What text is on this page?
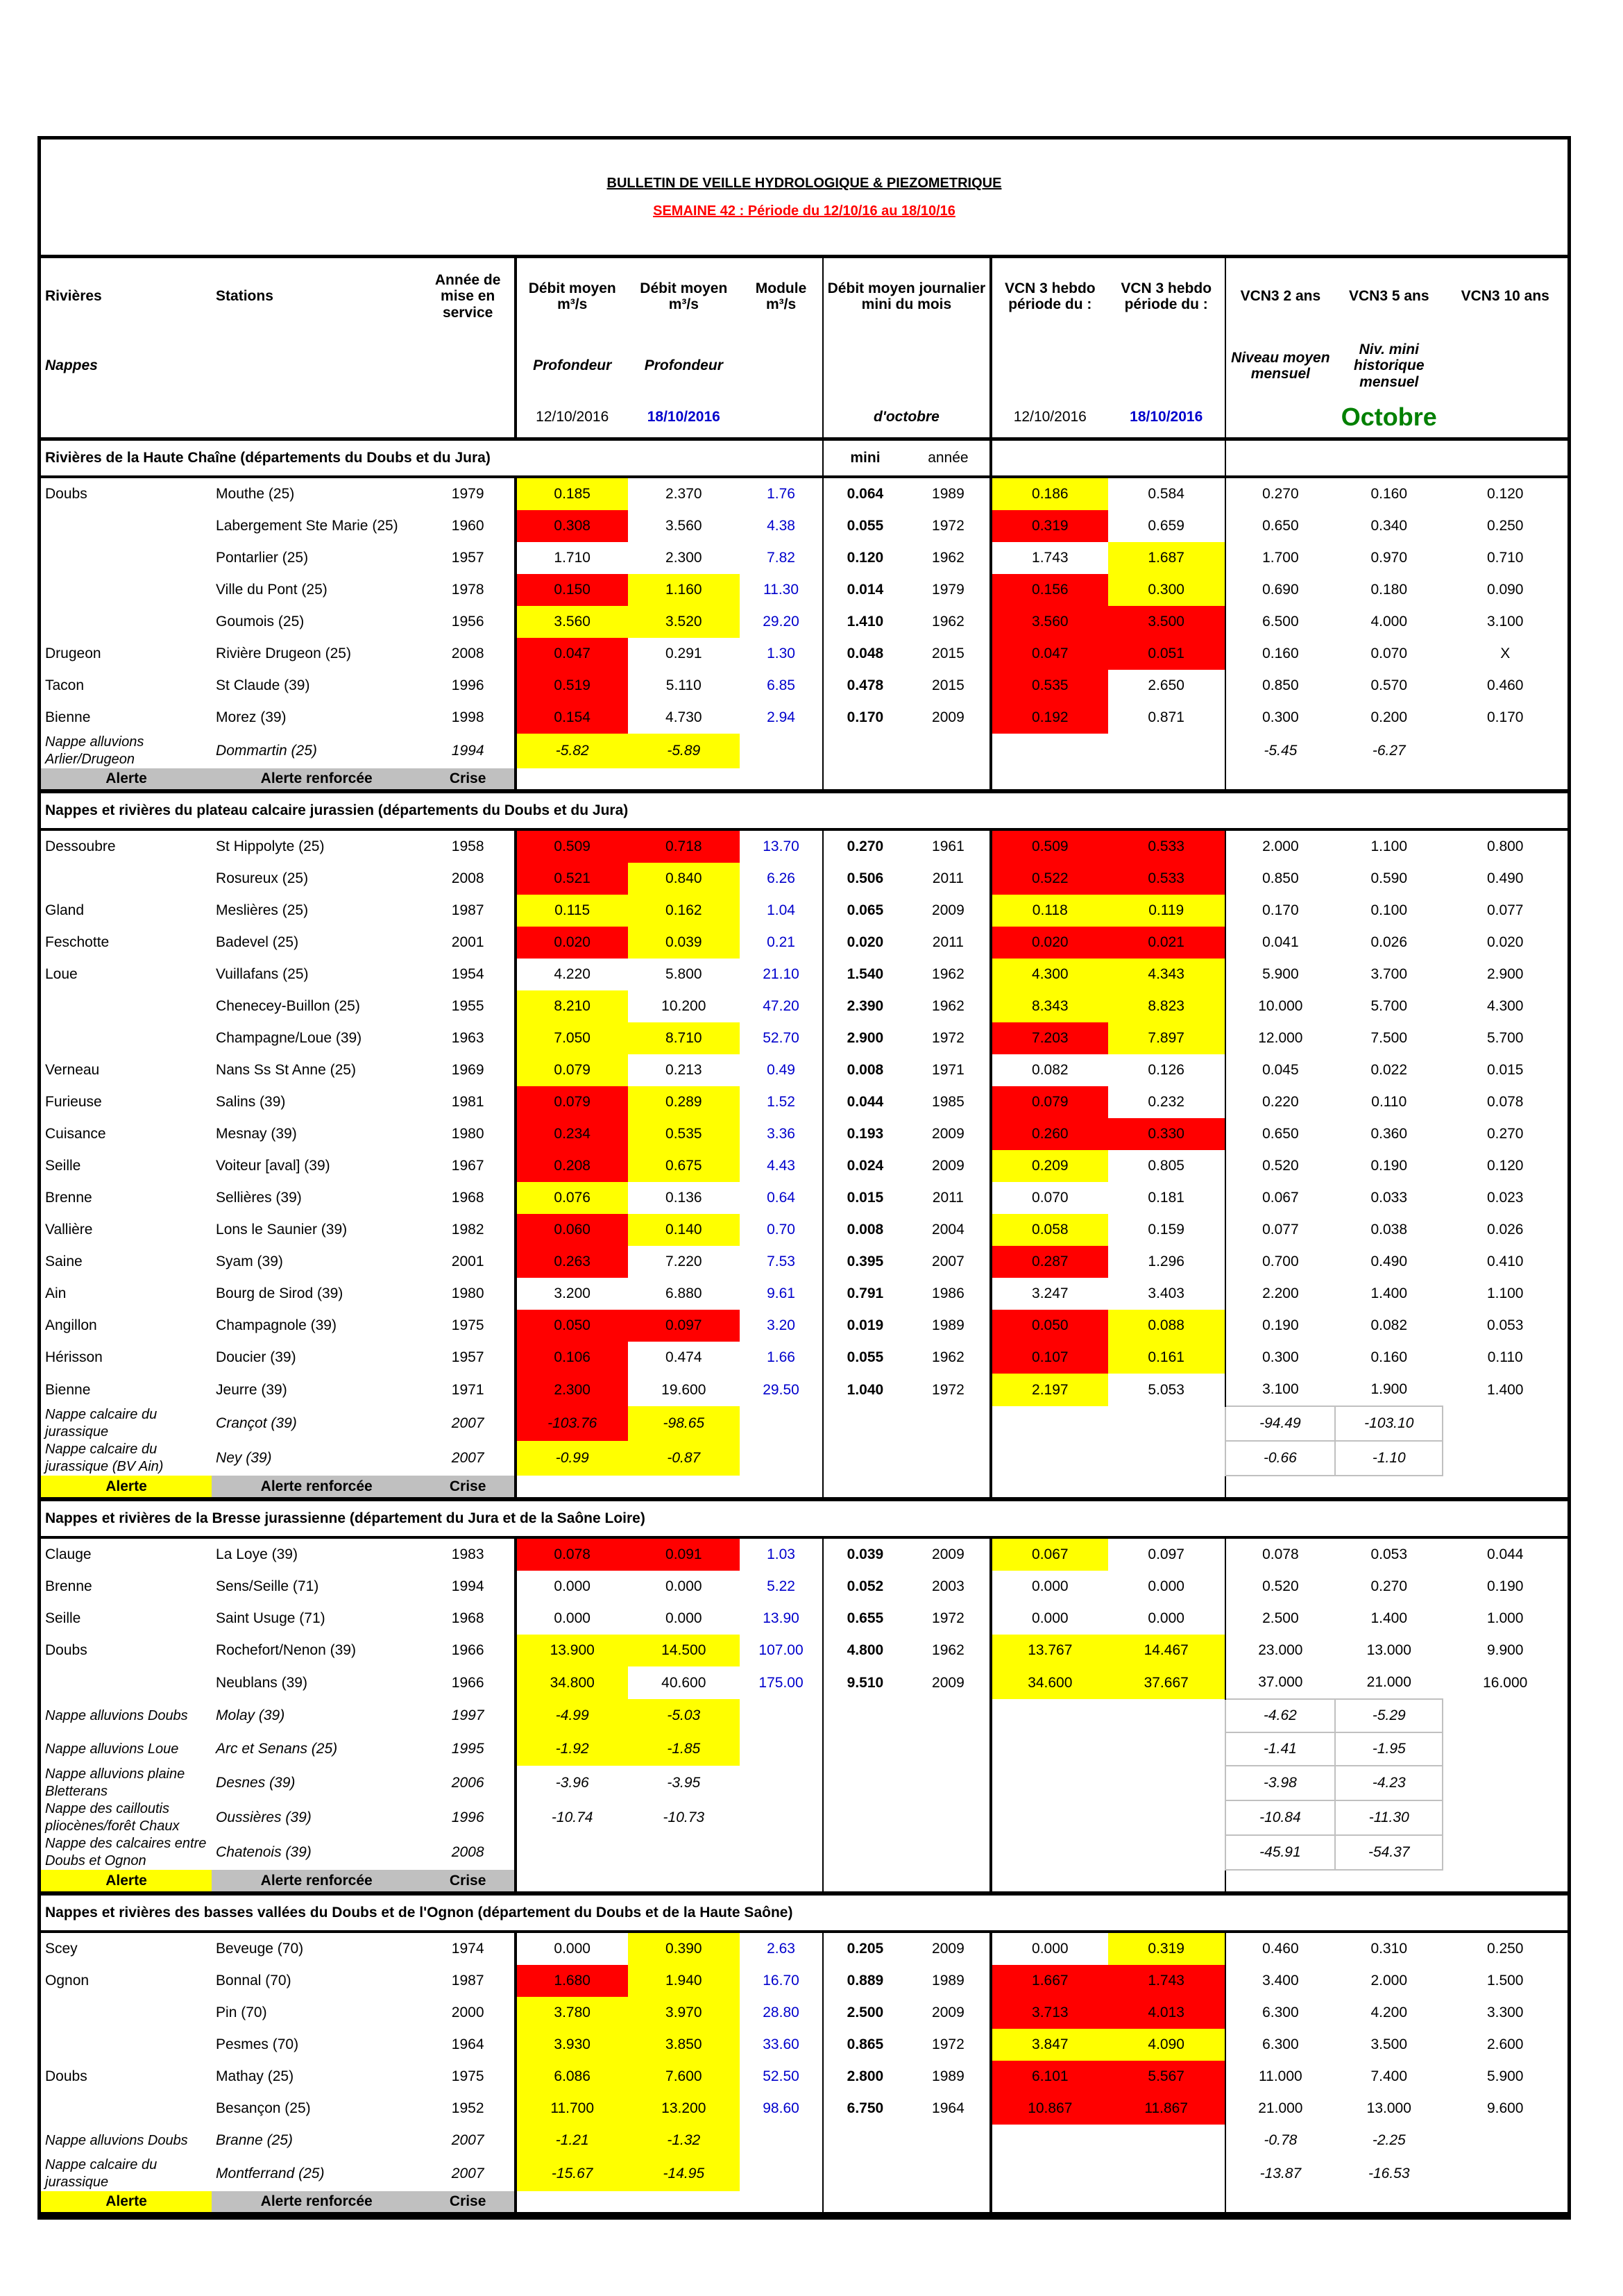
BULLETIN DE VEILLE HYDROLOGIQUE & PIEZOMETRIQUE
SEMAINE 42 : Période du 12/10/16 au 18/10/16												

Rivières	Stations	Année de mise en service	Débit moyen m³/s	Débit moyen m³/s	Module m³/s	Débit moyen journalier mini du mois		VCN 3 hebdo période du :	VCN 3 hebdo période du :	VCN3 2 ans	VCN3 5 ans	VCN3 10 ans
Nappes			Profondeur	Profondeur						Niveau moyen mensuel	Niv. mini historique mensuel	
			12/10/2016	18/10/2016		d'octobre		12/10/2016	18/10/2016		Octobre	
Rivières de la Haute Chaîne (départements du Doubs et du Jura)						mini	année					
Doubs	Mouthe (25)	1979	0.185	2.370	1.76	0.064	1989	0.186	0.584	0.270	0.160	0.120
	Labergement Ste Marie (25)	1960	0.308	3.560	4.38	0.055	1972	0.319	0.659	0.650	0.340	0.250
	Pontarlier (25)	1957	1.710	2.300	7.82	0.120	1962	1.743	1.687	1.700	0.970	0.710
	Ville du Pont (25)	1978	0.150	1.160	11.30	0.014	1979	0.156	0.300	0.690	0.180	0.090
	Goumois (25)	1956	3.560	3.520	29.20	1.410	1962	3.560	3.500	6.500	4.000	3.100
Drugeon	Rivière Drugeon (25)	2008	0.047	0.291	1.30	0.048	2015	0.047	0.051	0.160	0.070	X
Tacon	St Claude (39)	1996	0.519	5.110	6.85	0.478	2015	0.535	2.650	0.850	0.570	0.460
Bienne	Morez (39)	1998	0.154	4.730	2.94	0.170	2009	0.192	0.871	0.300	0.200	0.170
Nappe alluvions Arlier/Drugeon	Dommartin (25)	1994	-5.82	-5.89						-5.45	-6.27	
Alerte	Alerte renforcée	Crise										
Nappes et rivières du plateau calcaire jurassien (départements du Doubs et du Jura)												
Dessoubre	St Hippolyte (25)	1958	0.509	0.718	13.70	0.270	1961	0.509	0.533	2.000	1.100	0.800
	Rosureux (25)	2008	0.521	0.840	6.26	0.506	2011	0.522	0.533	0.850	0.590	0.490
Gland	Meslières (25)	1987	0.115	0.162	1.04	0.065	2009	0.118	0.119	0.170	0.100	0.077
Feschotte	Badevel (25)	2001	0.020	0.039	0.21	0.020	2011	0.020	0.021	0.041	0.026	0.020
Loue	Vuillafans (25)	1954	4.220	5.800	21.10	1.540	1962	4.300	4.343	5.900	3.700	2.900
	Chenecey-Buillon (25)	1955	8.210	10.200	47.20	2.390	1962	8.343	8.823	10.000	5.700	4.300
	Champagne/Loue (39)	1963	7.050	8.710	52.70	2.900	1972	7.203	7.897	12.000	7.500	5.700
Verneau	Nans Ss St Anne (25)	1969	0.079	0.213	0.49	0.008	1971	0.082	0.126	0.045	0.022	0.015
Furieuse	Salins (39)	1981	0.079	0.289	1.52	0.044	1985	0.079	0.232	0.220	0.110	0.078
Cuisance	Mesnay (39)	1980	0.234	0.535	3.36	0.193	2009	0.260	0.330	0.650	0.360	0.270
Seille	Voiteur [aval] (39)	1967	0.208	0.675	4.43	0.024	2009	0.209	0.805	0.520	0.190	0.120
Brenne	Sellières (39)	1968	0.076	0.136	0.64	0.015	2011	0.070	0.181	0.067	0.033	0.023
Vallière	Lons le Saunier (39)	1982	0.060	0.140	0.70	0.008	2004	0.058	0.159	0.077	0.038	0.026
Saine	Syam (39)	2001	0.263	7.220	7.53	0.395	2007	0.287	1.296	0.700	0.490	0.410
Ain	Bourg de Sirod (39)	1980	3.200	6.880	9.61	0.791	1986	3.247	3.403	2.200	1.400	1.100
Angillon	Champagnole (39)	1975	0.050	0.097	3.20	0.019	1989	0.050	0.088	0.190	0.082	0.053
Hérisson	Doucier (39)	1957	0.106	0.474	1.66	0.055	1962	0.107	0.161	0.300	0.160	0.110
Bienne	Jeurre (39)	1971	2.300	19.600	29.50	1.040	1972	2.197	5.053	3.100	1.900	1.400
Nappe calcaire du jurassique	Crançot (39)	2007	-103.76	-98.65						-94.49	-103.10	
Nappe calcaire du jurassique (BV Ain)	Ney (39)	2007	-0.99	-0.87						-0.66	-1.10	
Alerte	Alerte renforcée	Crise										
Nappes et rivières de la Bresse jurassienne (département du Jura et de la Saône Loire)												
Clauge	La Loye (39)	1983	0.078	0.091	1.03	0.039	2009	0.067	0.097	0.078	0.053	0.044
Brenne	Sens/Seille (71)	1994	0.000	0.000	5.22	0.052	2003	0.000	0.000	0.520	0.270	0.190
Seille	Saint Usuge (71)	1968	0.000	0.000	13.90	0.655	1972	0.000	0.000	2.500	1.400	1.000
Doubs	Rochefort/Nenon (39)	1966	13.900	14.500	107.00	4.800	1962	13.767	14.467	23.000	13.000	9.900
	Neublans (39)	1966	34.800	40.600	175.00	9.510	2009	34.600	37.667	37.000	21.000	16.000
Nappe alluvions Doubs	Molay (39)	1997	-4.99	-5.03						-4.62	-5.29	
Nappe alluvions Loue	Arc et Senans (25)	1995	-1.92	-1.85						-1.41	-1.95	
Nappe alluvions plaine Bletterans	Desnes (39)	2006	-3.96	-3.95						-3.98	-4.23	
Nappe des cailloutis pliocènes/forêt Chaux	Oussières (39)	1996	-10.74	-10.73						-10.84	-11.30	
Nappe des calcaires entre Doubs et Ognon	Chatenois (39)	2008								-45.91	-54.37	
Alerte	Alerte renforcée	Crise										
Nappes et rivières des basses vallées du Doubs et de l'Ognon (département du Doubs et de la Haute Saône)												
Scey	Beveuge (70)	1974	0.000	0.390	2.63	0.205	2009	0.000	0.319	0.460	0.310	0.250
Ognon	Bonnal (70)	1987	1.680	1.940	16.70	0.889	1989	1.667	1.743	3.400	2.000	1.500
	Pin (70)	2000	3.780	3.970	28.80	2.500	2009	3.713	4.013	6.300	4.200	3.300
	Pesmes (70)	1964	3.930	3.850	33.60	0.865	1972	3.847	4.090	6.300	3.500	2.600
Doubs	Mathay (25)	1975	6.086	7.600	52.50	2.800	1989	6.101	5.567	11.000	7.400	5.900
	Besançon (25)	1952	11.700	13.200	98.60	6.750	1964	10.867	11.867	21.000	13.000	9.600
Nappe alluvions Doubs	Branne (25)	2007	-1.21	-1.32						-0.78	-2.25	
Nappe calcaire du jurassique	Montferrand (25)	2007	-15.67	-14.95						-13.87	-16.53	
Alerte	Alerte renforcée	Crise										
